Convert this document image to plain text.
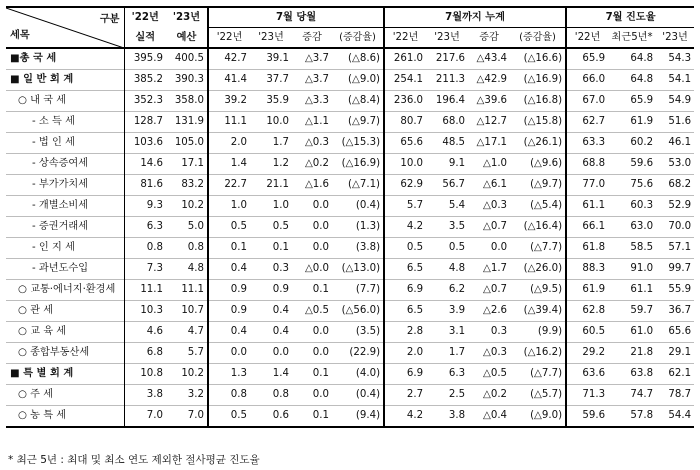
구분
세목	'22년	'23년	7월 당월				7월까지 누계				7월 진도율		
	실적	예산	'22년	'23년	증감	(증감율)	'22년	'23년	증감	(증감율)	'22년	최근5년*	'23년
■총 국 세	395.9	400.5	42.7	39.1	△3.7	(△8.6)	261.0	217.6	△43.4	(△16.6)	65.9	64.8	54.3
■ 일 반 회 계	385.2	390.3	41.4	37.7	△3.7	(△9.0)	254.1	211.3	△42.9	(△16.9)	66.0	64.8	54.1
○ 내 국 세	352.3	358.0	39.2	35.9	△3.3	(△8.4)	236.0	196.4	△39.6	(△16.8)	67.0	65.9	54.9
- 소 득 세	128.7	131.9	11.1	10.0	△1.1	(△9.7)	80.7	68.0	△12.7	(△15.8)	62.7	61.9	51.6
- 법 인 세	103.6	105.0	2.0	1.7	△0.3	(△15.3)	65.6	48.5	△17.1	(△26.1)	63.3	60.2	46.1
- 상속증여세	14.6	17.1	1.4	1.2	△0.2	(△16.9)	10.0	9.1	△1.0	(△9.6)	68.8	59.6	53.0
- 부가가치세	81.6	83.2	22.7	21.1	△1.6	(△7.1)	62.9	56.7	△6.1	(△9.7)	77.0	75.6	68.2
- 개별소비세	9.3	10.2	1.0	1.0	0.0	(0.4)	5.7	5.4	△0.3	(△5.4)	61.1	60.3	52.9
- 증권거래세	6.3	5.0	0.5	0.5	0.0	(1.3)	4.2	3.5	△0.7	(△16.4)	66.1	63.0	70.0
- 인 지 세	0.8	0.8	0.1	0.1	0.0	(3.8)	0.5	0.5	0.0	(△7.7)	61.8	58.5	57.1
- 과년도수입	7.3	4.8	0.4	0.3	△0.0	(△13.0)	6.5	4.8	△1.7	(△26.0)	88.3	91.0	99.7
○ 교통·에너지·환경세	11.1	11.1	0.9	0.9	0.1	(7.7)	6.9	6.2	△0.7	(△9.5)	61.9	61.1	55.9
○ 관 세	10.3	10.7	0.9	0.4	△0.5	(△56.0)	6.5	3.9	△2.6	(△39.4)	62.8	59.7	36.7
○ 교 육 세	4.6	4.7	0.4	0.4	0.0	(3.5)	2.8	3.1	0.3	(9.9)	60.5	61.0	65.6
○ 종합부동산세	6.8	5.7	0.0	0.0	0.0	(22.9)	2.0	1.7	△0.3	(△16.2)	29.2	21.8	29.1
■ 특 별 회 계	10.8	10.2	1.3	1.4	0.1	(4.0)	6.9	6.3	△0.5	(△7.7)	63.6	63.8	62.1
○ 주 세	3.8	3.2	0.8	0.8	0.0	(0.4)	2.7	2.5	△0.2	(△5.7)	71.3	74.7	78.7
○ 농 특 세	7.0	7.0	0.5	0.6	0.1	(9.4)	4.2	3.8	△0.4	(△9.0)	59.6	57.8	54.4
* 최근 5년 : 최대 및 최소 연도 제외한 절사평균 진도율
